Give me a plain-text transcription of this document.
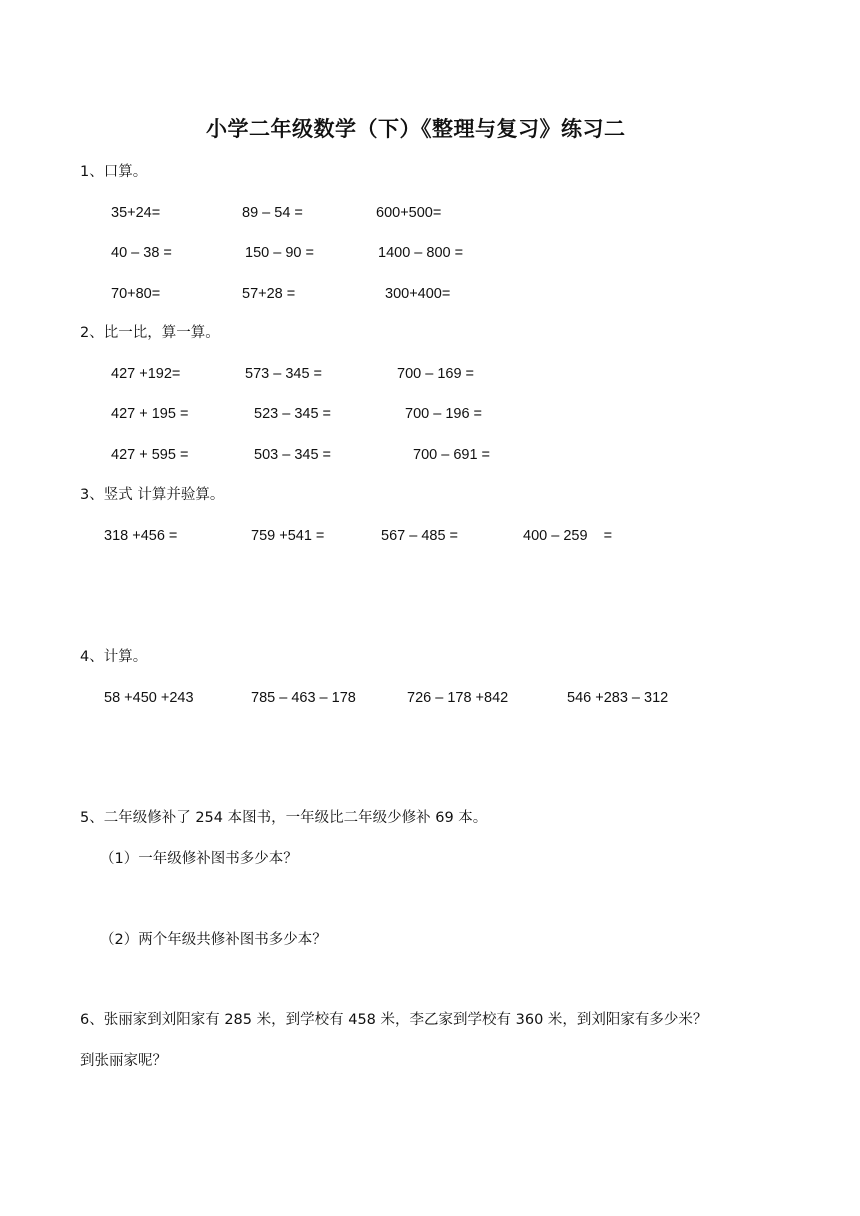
小学二年级数学（下）《整理与复习》练习二
1、口算。
35+24=	89 – 54 =	600+500=
40 – 38 =	150 – 90 =	1400 – 800 =
70+80=	57+28 =	300+400=
2、比一比，算一算。
427 +192=	573 – 345 =	700 – 169 =
427 + 195 =	523 – 345 =	700 – 196 =
427 + 595 =	503 – 345 =	700 – 691 =
3、竖式 计算并验算。
318 +456 =	759 +541 =	567 – 485 =	400 – 259    =
4、计算。
58 +450 +243	785 – 463 – 178	726 – 178 +842	546 +283 – 312
5、二年级修补了 254 本图书，一年级比二年级少修补 69 本。
（1）一年级修补图书多少本？
（2）两个年级共修补图书多少本？
6、张丽家到刘阳家有 285 米，到学校有 458 米，李乙家到学校有 360 米，到刘阳家有多少米？
到张丽家呢？
